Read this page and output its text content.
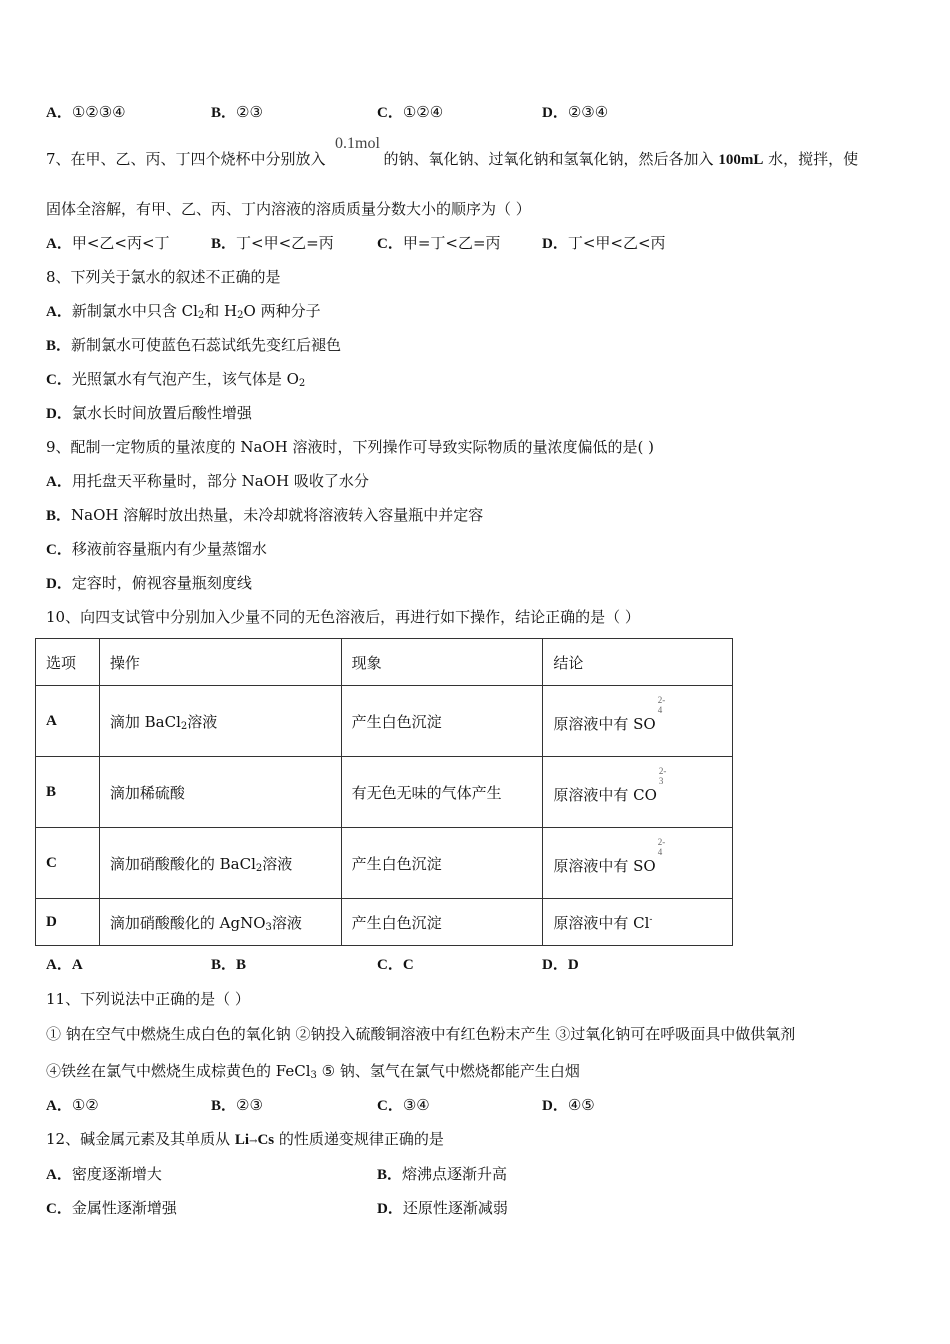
A．①②③④	B．②③	C．①②④	D．②③④
7、在甲、乙、丙、丁四个烧杯中分别放入	的钠、氧化钠、过氧化钠和氢氧化钠，然后各加入 100mL 水，搅拌，使
0.1mol
固体全溶解，有甲、乙、丙、丁内溶液的溶质质量分数大小的顺序为（ ）
A．甲<乙<丙<丁	B．丁<甲<乙=丙	C．甲=丁<乙=丙	D．丁<甲<乙<丙
8、下列关于氯水的叙述不正确的是
A．新制氯水中只含 $Cl_2$和 $H_2O$ 两种分子
B．新制氯水可使蓝色石蕊试纸先变红后褪色
C．光照氯水有气泡产生，该气体是 $O_2$
D．氯水长时间放置后酸性增强
9、配制一定物质的量浓度的 NaOH 溶液时，下列操作可导致实际物质的量浓度偏低的是( )
A．用托盘天平称量时，部分 NaOH 吸收了水分
B．NaOH 溶解时放出热量，未冷却就将溶液转入容量瓶中并定容
C．移液前容量瓶内有少量蒸馏水
D．定容时，俯视容量瓶刻度线
10、向四支试管中分别加入少量不同的无色溶液后，再进行如下操作，结论正确的是（ ）
选项	操作	现象	结论
A	滴加 BaCl$_2$溶液	产生白色沉淀	原溶液中有 SO
2-
4

B	滴加稀硫酸	有无色无味的气体产生	原溶液中有 CO
2-
3

C	滴加硝酸酸化的 BaCl$_2$溶液	产生白色沉淀	原溶液中有 SO
2-
4

D	滴加硝酸酸化的 AgNO$_3$溶液	产生白色沉淀	原溶液中有 Cl-
A．A	B．B	C．C	D．D
11、下列说法中正确的是（ ）
① 钠在空气中燃烧生成白色的氧化钠 ②钠投入硫酸铜溶液中有红色粉末产生 ③过氧化钠可在呼吸面具中做供氧剂
④铁丝在氯气中燃烧生成棕黄色的 FeCl$_3$ ⑤ 钠、氢气在氯气中燃烧都能产生白烟
A．①②	B．②③	C．③④	D．④⑤
12、碱金属元素及其单质从 Li→Cs 的性质递变规律正确的是
A．密度逐渐增大	B．熔沸点逐渐升高
C．金属性逐渐增强	D．还原性逐渐减弱
